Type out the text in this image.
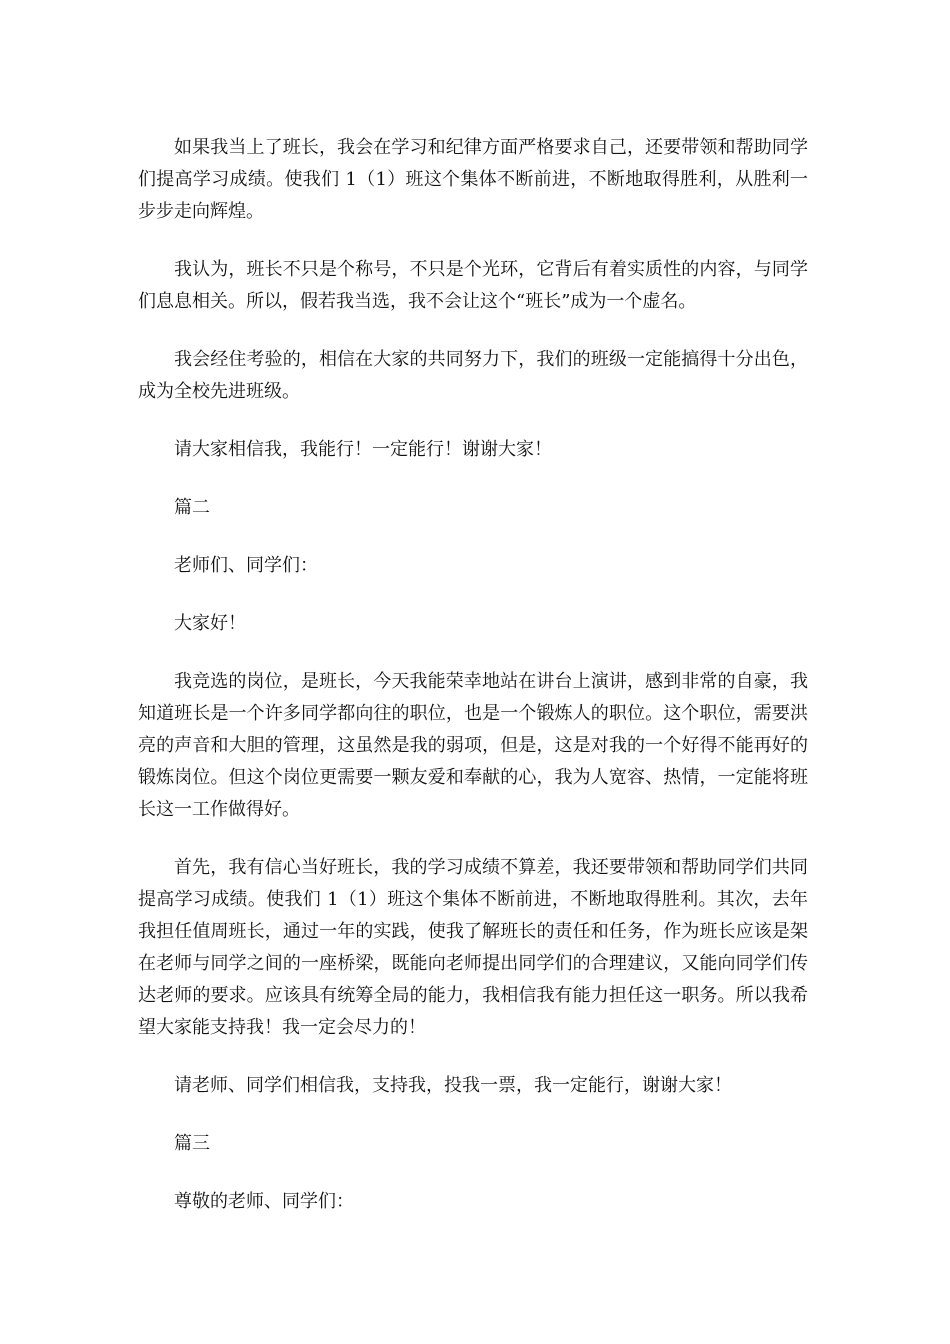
如果我当上了班长，我会在学习和纪律方面严格要求自己，还要带领和帮助同学们提高学习成绩。使我们 1（1）班这个集体不断前进，不断地取得胜利，从胜利一步步走向辉煌。

我认为，班长不只是个称号，不只是个光环，它背后有着实质性的内容，与同学们息息相关。所以，假若我当选，我不会让这个“班长”成为一个虚名。

我会经住考验的，相信在大家的共同努力下，我们的班级一定能搞得十分出色，成为全校先进班级。

请大家相信我，我能行！一定能行！谢谢大家！

篇二

老师们、同学们：

大家好！

我竞选的岗位，是班长，今天我能荣幸地站在讲台上演讲，感到非常的自豪，我知道班长是一个许多同学都向往的职位，也是一个锻炼人的职位。这个职位，需要洪亮的声音和大胆的管理，这虽然是我的弱项，但是，这是对我的一个好得不能再好的锻炼岗位。但这个岗位更需要一颗友爱和奉献的心，我为人宽容、热情，一定能将班长这一工作做得好。

首先，我有信心当好班长，我的学习成绩不算差，我还要带领和帮助同学们共同提高学习成绩。使我们 1（1）班这个集体不断前进，不断地取得胜利。其次，去年我担任值周班长，通过一年的实践，使我了解班长的责任和任务，作为班长应该是架在老师与同学之间的一座桥梁，既能向老师提出同学们的合理建议，又能向同学们传达老师的要求。应该具有统筹全局的能力，我相信我有能力担任这一职务。所以我希望大家能支持我！我一定会尽力的！

请老师、同学们相信我，支持我，投我一票，我一定能行，谢谢大家！

篇三

尊敬的老师、同学们：
